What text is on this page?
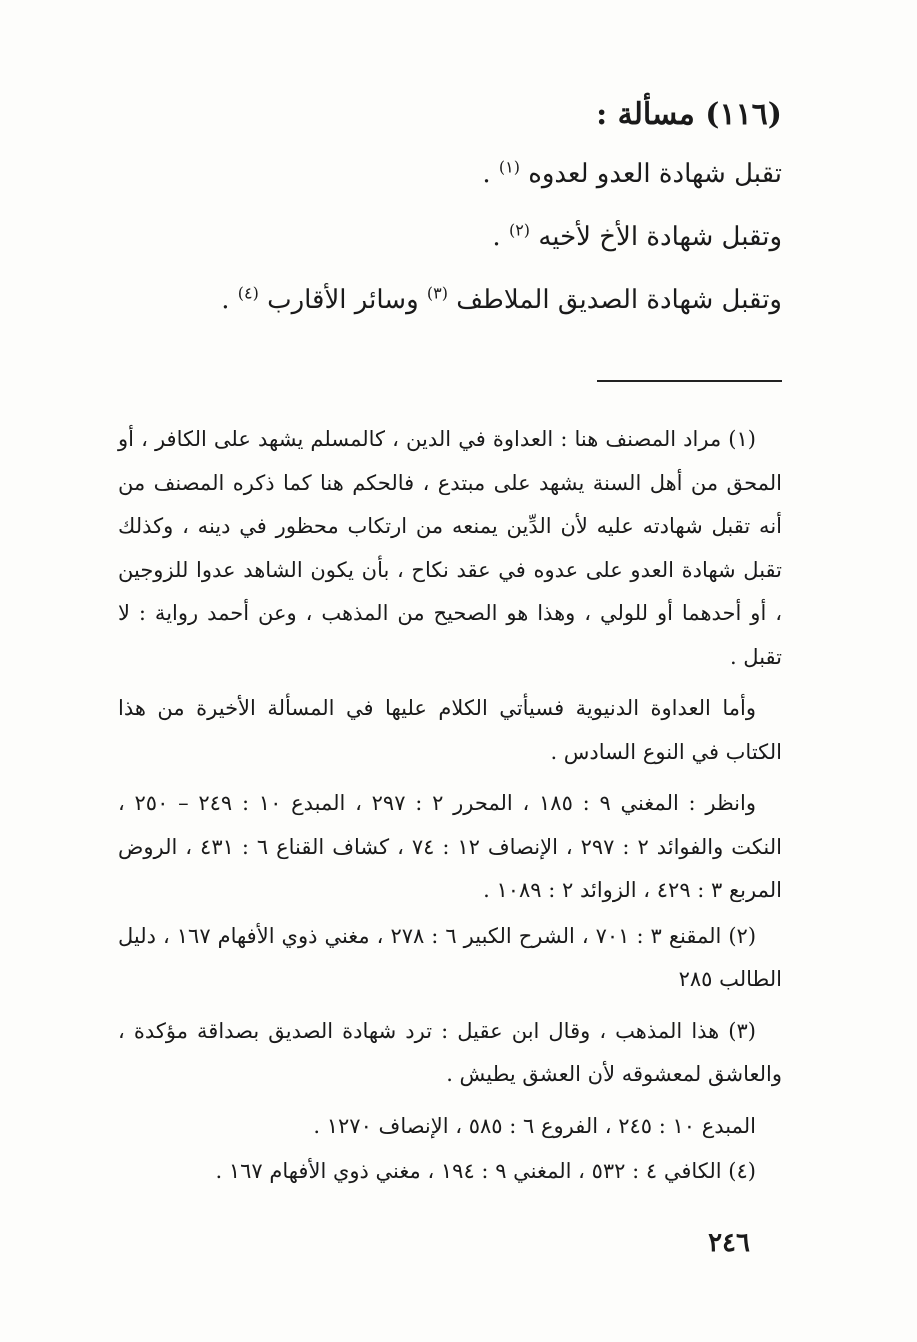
(١١٦) مسألة :
تقبل شهادة العدو لعدوه $^{(١)}$ .
وتقبل شهادة الأخ لأخيه $^{(٢)}$ .
وتقبل شهادة الصديق الملاطف $^{(٣)}$ وسائر الأقارب $^{(٤)}$ .

(١) مراد المصنف هنا : العداوة في الدين ، كالمسلم يشهد على الكافر ، أو المحق من أهل السنة يشهد على مبتدع ، فالحكم هنا كما ذكره المصنف من أنه تقبل شهادته عليه لأن الدِّين يمنعه من ارتكاب محظور في دينه ، وكذلك تقبل شهادة العدو على عدوه في عقد نكاح ، بأن يكون الشاهد عدوا للزوجين ، أو أحدهما أو للولي ، وهذا هو الصحيح من المذهب ، وعن أحمد رواية : لا تقبل .

وأما العداوة الدنيوية فسيأتي الكلام عليها في المسألة الأخيرة من هذا الكتاب في النوع السادس .

وانظر : المغني ٩ : ١٨٥ ، المحرر ٢ : ٢٩٧ ، المبدع ١٠ : ٢٤٩ – ٢٥٠ ، النكت والفوائد ٢ : ٢٩٧ ، الإنصاف ١٢ : ٧٤ ، كشاف القناع ٦ : ٤٣١ ، الروض المربع ٣ : ٤٢٩ ، الزوائد ٢ : ١٠٨٩ .

(٢) المقنع ٣ : ٧٠١ ، الشرح الكبير ٦ : ٢٧٨ ، مغني ذوي الأفهام ١٦٧ ، دليل الطالب ٢٨٥

(٣) هذا المذهب ، وقال ابن عقيل : ترد شهادة الصديق بصداقة مؤكدة ، والعاشق لمعشوقه لأن العشق يطيش .

المبدع ١٠ : ٢٤٥ ، الفروع ٦ : ٥٨٥ ، الإنصاف ١٢٧٠ .

(٤) الكافي ٤ : ٥٣٢ ، المغني ٩ : ١٩٤ ، مغني ذوي الأفهام ١٦٧ .

٢٤٦
